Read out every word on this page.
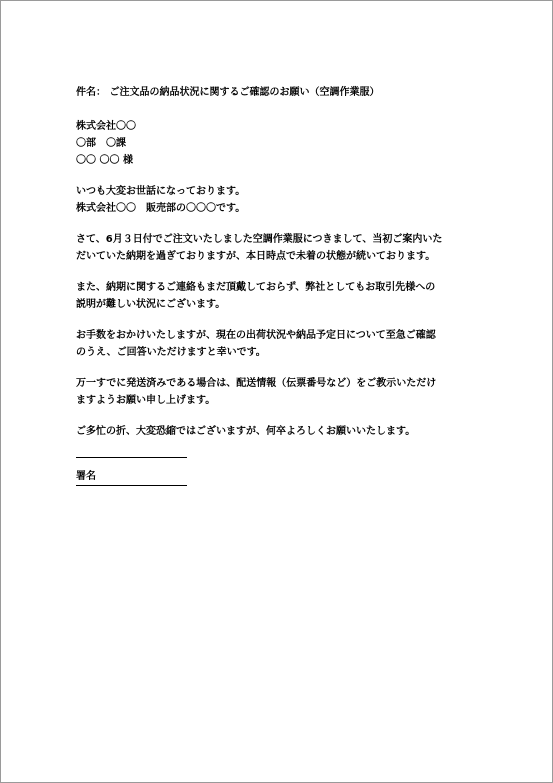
件名： ご注文品の納品状況に関するご確認のお願い（空調作業服）
株式会社〇〇
〇部　〇課
〇〇 〇〇 様
いつも大変お世話になっております。
株式会社〇〇　販売部の〇〇〇です。
さて、6月３日付でご注文いたしました空調作業服につきまして、当初ご案内いた
だいていた納期を過ぎておりますが、本日時点で未着の状態が続いております。
また、納期に関するご連絡もまだ頂戴しておらず、弊社としてもお取引先様への
説明が難しい状況にございます。
お手数をおかけいたしますが、現在の出荷状況や納品予定日について至急ご確認
のうえ、ご回答いただけますと幸いです。
万一すでに発送済みである場合は、配送情報（伝票番号など）をご教示いただけ
ますようお願い申し上げます。
ご多忙の折、大変恐縮ではございますが、何卒よろしくお願いいたします。
署名
